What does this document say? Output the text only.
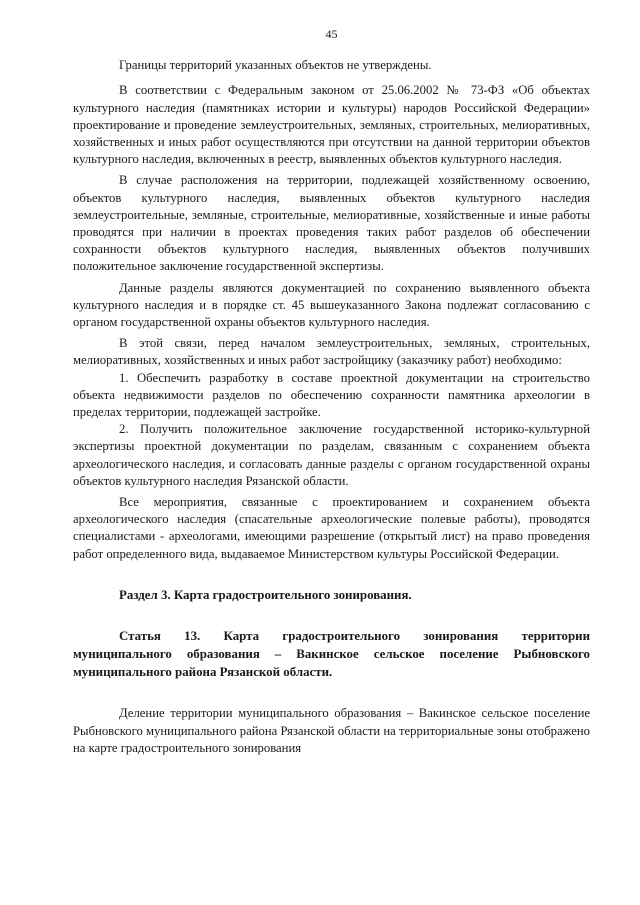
45

Границы территорий указанных объектов не утверждены.

В соответствии с Федеральным законом от 25.06.2002 № 73-ФЗ «Об объектах культурного наследия (памятниках истории и культуры) народов Российской Федерации» проектирование и проведение землеустроительных, земляных, строительных, мелиоративных, хозяйственных и иных работ осуществляются при отсутствии на данной территории объектов культурного наследия, включенных в реестр, выявленных объектов культурного наследия.

В случае расположения на территории, подлежащей хозяйственному освоению, объектов культурного наследия, выявленных объектов культурного наследия землеустроительные, земляные, строительные, мелиоративные, хозяйственные и иные работы проводятся при наличии в проектах проведения таких работ разделов об обеспечении сохранности объектов культурного наследия, выявленных объектов получивших положительное заключение государственной экспертизы.

Данные разделы являются документацией по сохранению выявленного объекта культурного наследия и в порядке ст. 45 вышеуказанного Закона подлежат согласованию с органом государственной охраны объектов культурного наследия.

В этой связи, перед началом землеустроительных, земляных, строительных, мелиоративных, хозяйственных и иных работ застройщику (заказчику работ) необходимо:

1. Обеспечить разработку в составе проектной документации на строительство объекта недвижимости разделов по обеспечению сохранности памятника археологии в пределах территории, подлежащей застройке.

2. Получить положительное заключение государственной историко-культурной экспертизы проектной документации по разделам, связанным с сохранением объекта археологического наследия, и согласовать данные разделы с органом государственной охраны объектов культурного наследия Рязанской области.

Все мероприятия, связанные с проектированием и сохранением объекта археологического наследия (спасательные археологические полевые работы), проводятся специалистами - археологами, имеющими разрешение (открытый лист) на право проведения работ определенного вида, выдаваемое Министерством культуры Российской Федерации.

Раздел 3. Карта градостроительного зонирования.

Статья 13. Карта градостроительного зонирования территории муниципального образования – Вакинское сельское поселение Рыбновского муниципального района Рязанской области.

Деление территории муниципального образования – Вакинское сельское поселение Рыбновского муниципального района Рязанской области на территориальные зоны отображено на карте градостроительного зонирования
